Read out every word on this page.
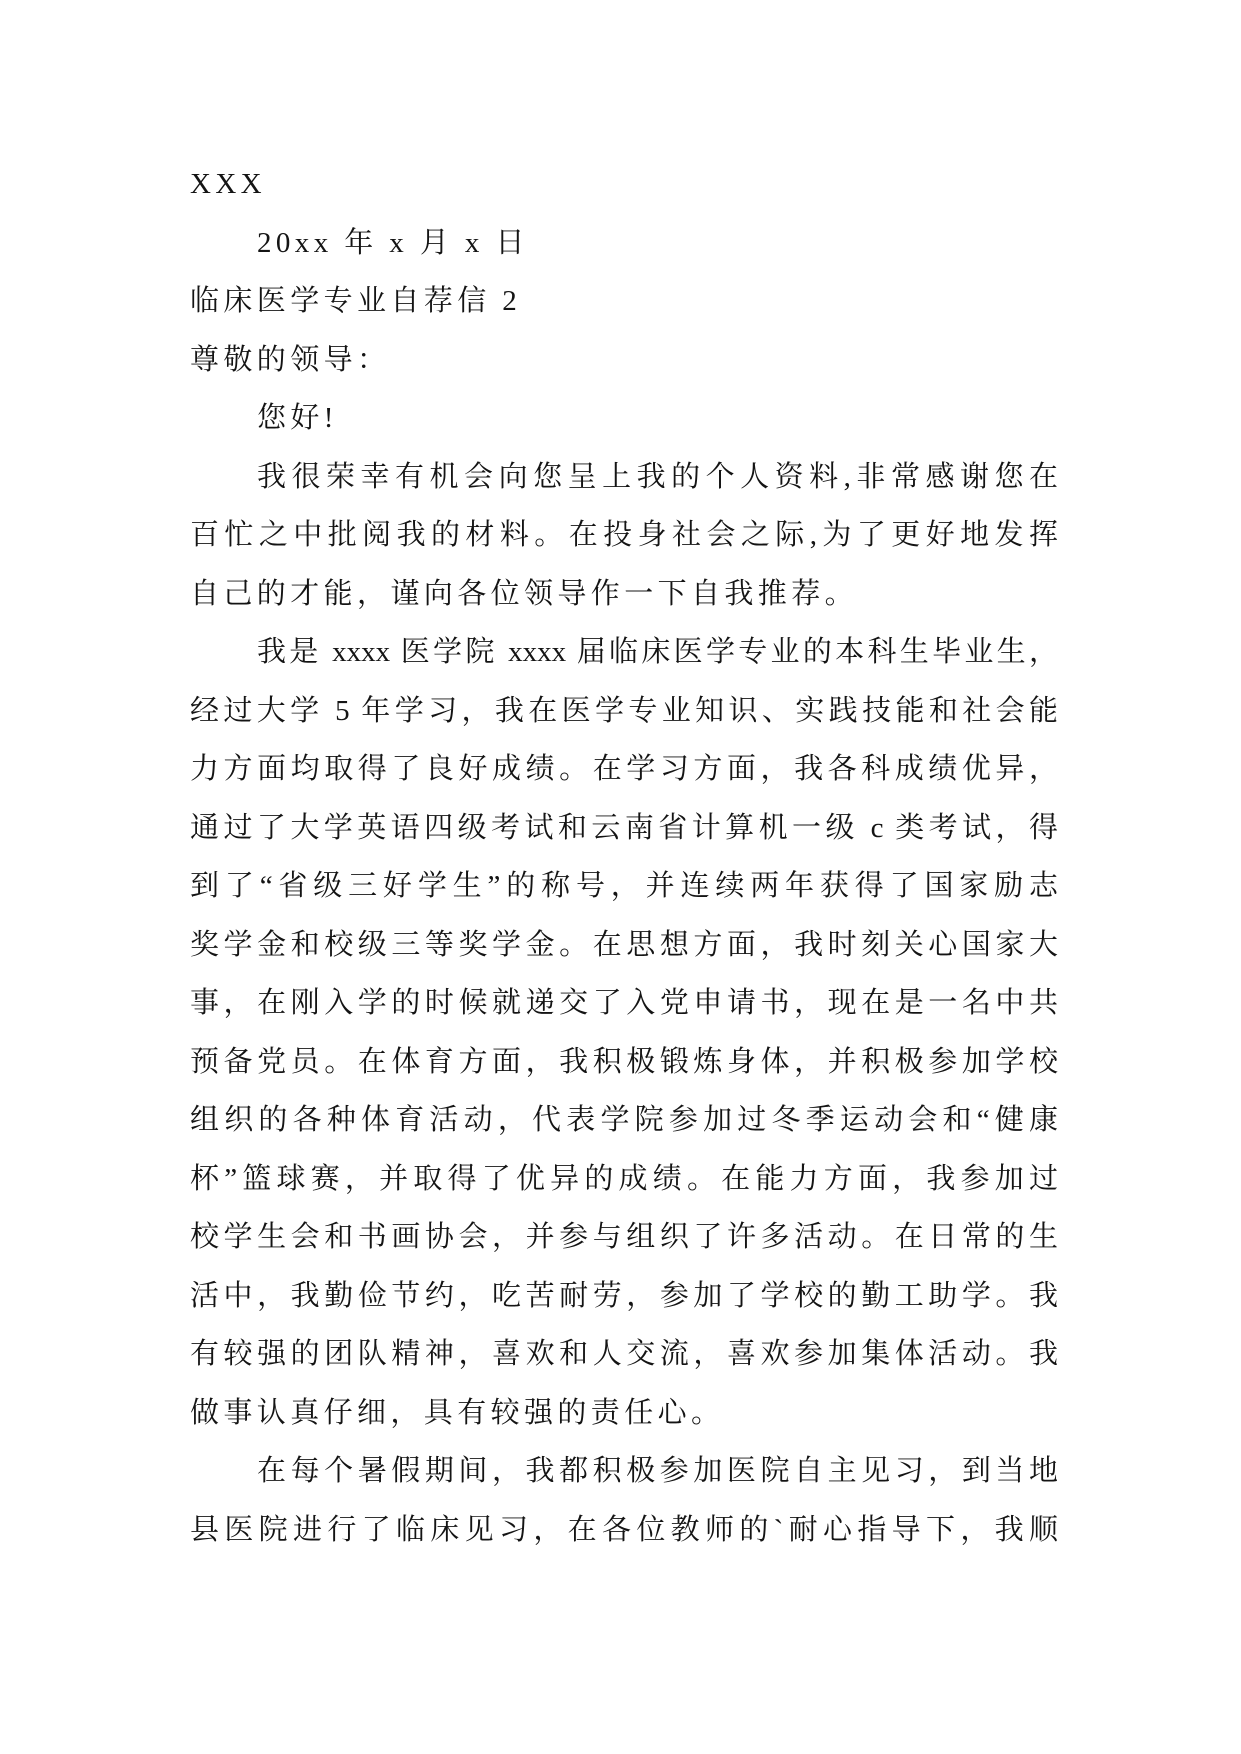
XXX
20xx 年 x 月 x 日
临床医学专业自荐信 2
尊敬的领导：
您好!
我很荣幸有机会向您呈上我的个人资料,非常感谢您在
百忙之中批阅我的材料。在投身社会之际,为了更好地发挥
自己的才能，谨向各位领导作一下自我推荐。
我是 xxxx 医学院 xxxx 届临床医学专业的本科生毕业生，
经过大学 5 年学习，我在医学专业知识、实践技能和社会能
力方面均取得了良好成绩。在学习方面，我各科成绩优异，
通过了大学英语四级考试和云南省计算机一级 c 类考试，得
到了“省级三好学生”的称号，并连续两年获得了国家励志
奖学金和校级三等奖学金。在思想方面，我时刻关心国家大
事，在刚入学的时候就递交了入党申请书，现在是一名中共
预备党员。在体育方面，我积极锻炼身体，并积极参加学校
组织的各种体育活动，代表学院参加过冬季运动会和“健康
杯”篮球赛，并取得了优异的成绩。在能力方面，我参加过
校学生会和书画协会，并参与组织了许多活动。在日常的生
活中，我勤俭节约，吃苦耐劳，参加了学校的勤工助学。我
有较强的团队精神，喜欢和人交流，喜欢参加集体活动。我
做事认真仔细，具有较强的责任心。
在每个暑假期间，我都积极参加医院自主见习，到当地
县医院进行了临床见习，在各位教师的`耐心指导下，我顺
